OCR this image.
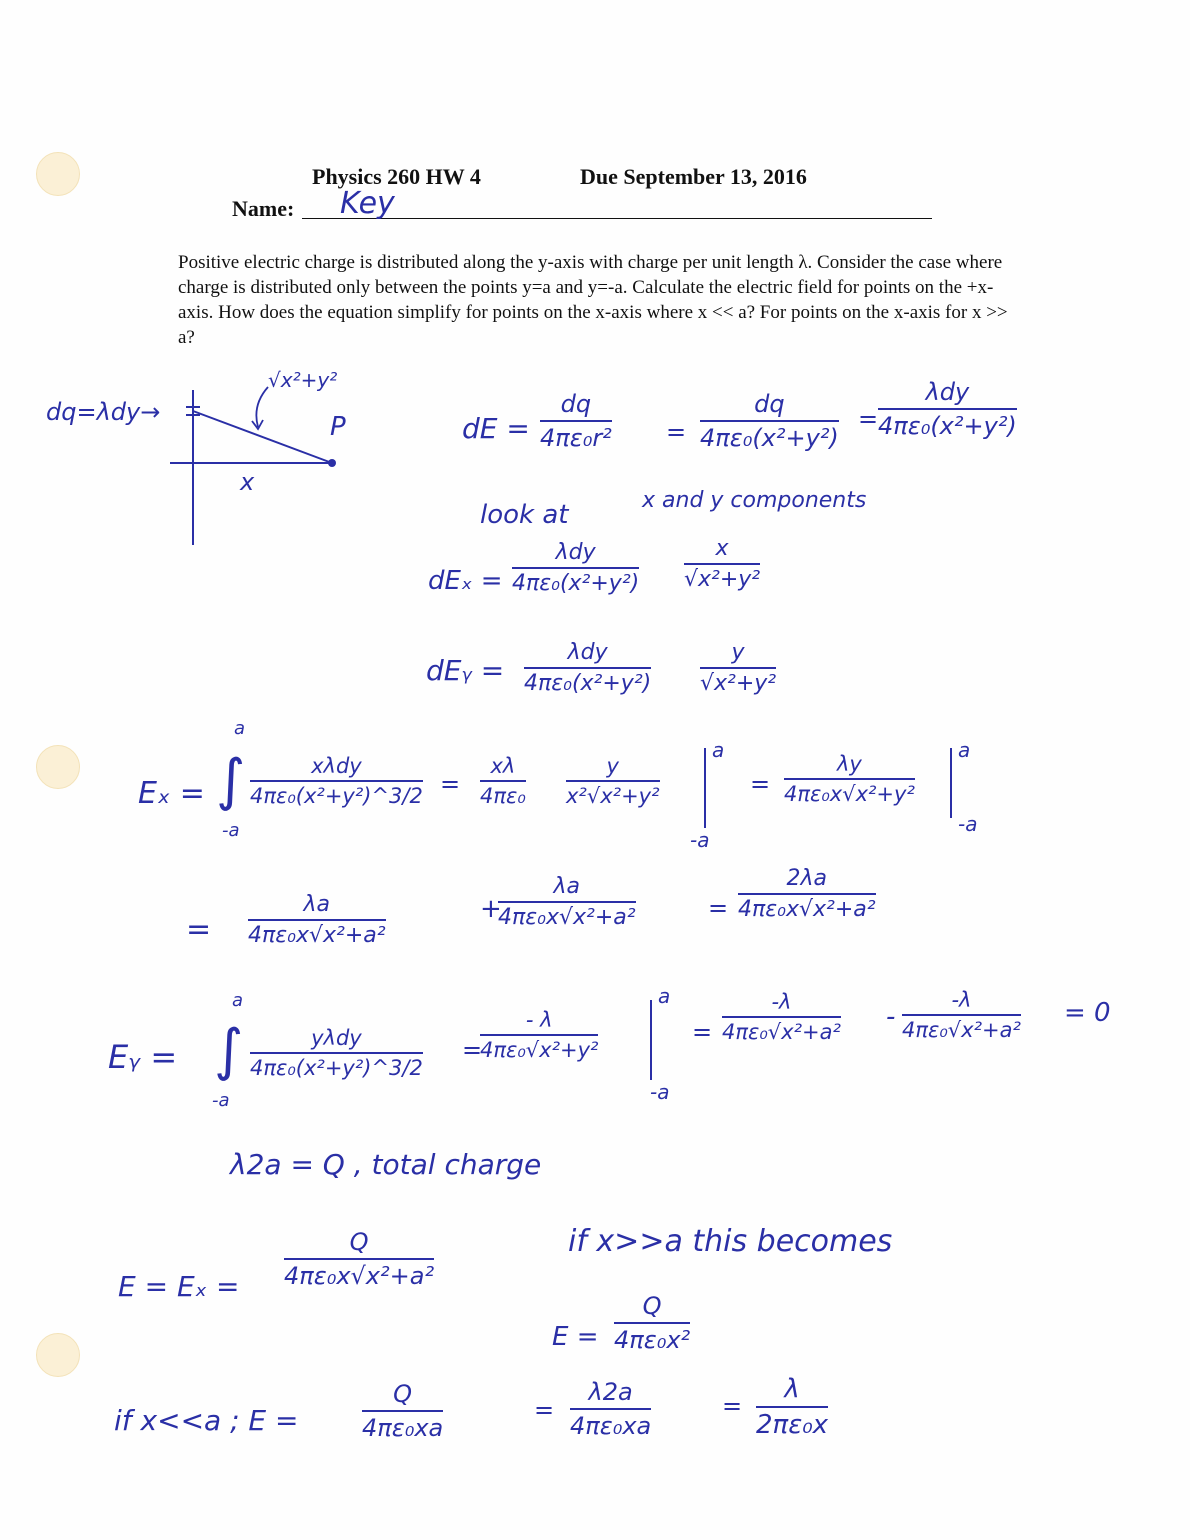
Physics 260 HW 4	Due September 13, 2016
Name: Key
Positive electric charge is distributed along the y-axis with charge per unit length λ. Consider the case where charge is distributed only between the points y=a and y=-a. Calculate the electric field for points on the +x-axis. How does the equation simplify for points on the x-axis where x << a? For points on the x-axis for x >> a?
dq=λdy→
√x²+y²
P
x
dE = $\frac{dq}{\text{4πε₀r²}} = \frac{dq}{\text{4πε₀(x²+y²)}}$ =
λdy
4πε₀(x²+y²)
look at	x and y components
dEₓ =
λdy
$4\pi\varepsilon_0(x^2+y^2) \frac{x}{\text{√x²+y²}}$
dEᵧ =
λdy
$4\pi\varepsilon_0(x^2+y^2) \frac{y}{\text{√x²+y²}}$
Eₓ =
a
∫
-a
xλdy
4πε₀(x²+y²)^3/2 = $\frac{x\lambda}{\text{4πε₀}} \frac{y}{\text{x²√x²+y²}}$
a
-a
= $\frac{\lambda y}{\text{4πε₀x√x²+y²}}$
a
-a
= $\frac{\lambda a}{\text{4πε₀x√x²+a²}}$	+
$\frac{\lambda a}{\text{4πε₀x√x²+a²}}$	= $\frac{2\lambda a}{\text{4πε₀x√x²+a²}}$
Eᵧ =
a
∫
-a
yλdy
4πε₀(x²+y²)^3/2
=
$\frac{- \lambda}{\text{4πε₀√x²+y²}}$
a
-a
= $\frac{-\lambda}{\text{4πε₀√x²+a²}} - \frac{-\lambda}{\text{4πε₀√x²+a²}} = 0$
λ2a = Q , total charge
$E = E_x = \frac{Q}{\text{4πε₀x√x²+a²}}$	if x>>a this becomes
$E = \frac{Q}{\text{4πε₀x²}}$
if x<<a ; E =	$\frac{Q}{\text{4πε₀xa}}$	= $\frac{\lambda 2a}{\text{4πε₀xa}}$	= $\frac{\lambda}{\text{2πε₀x}}$
